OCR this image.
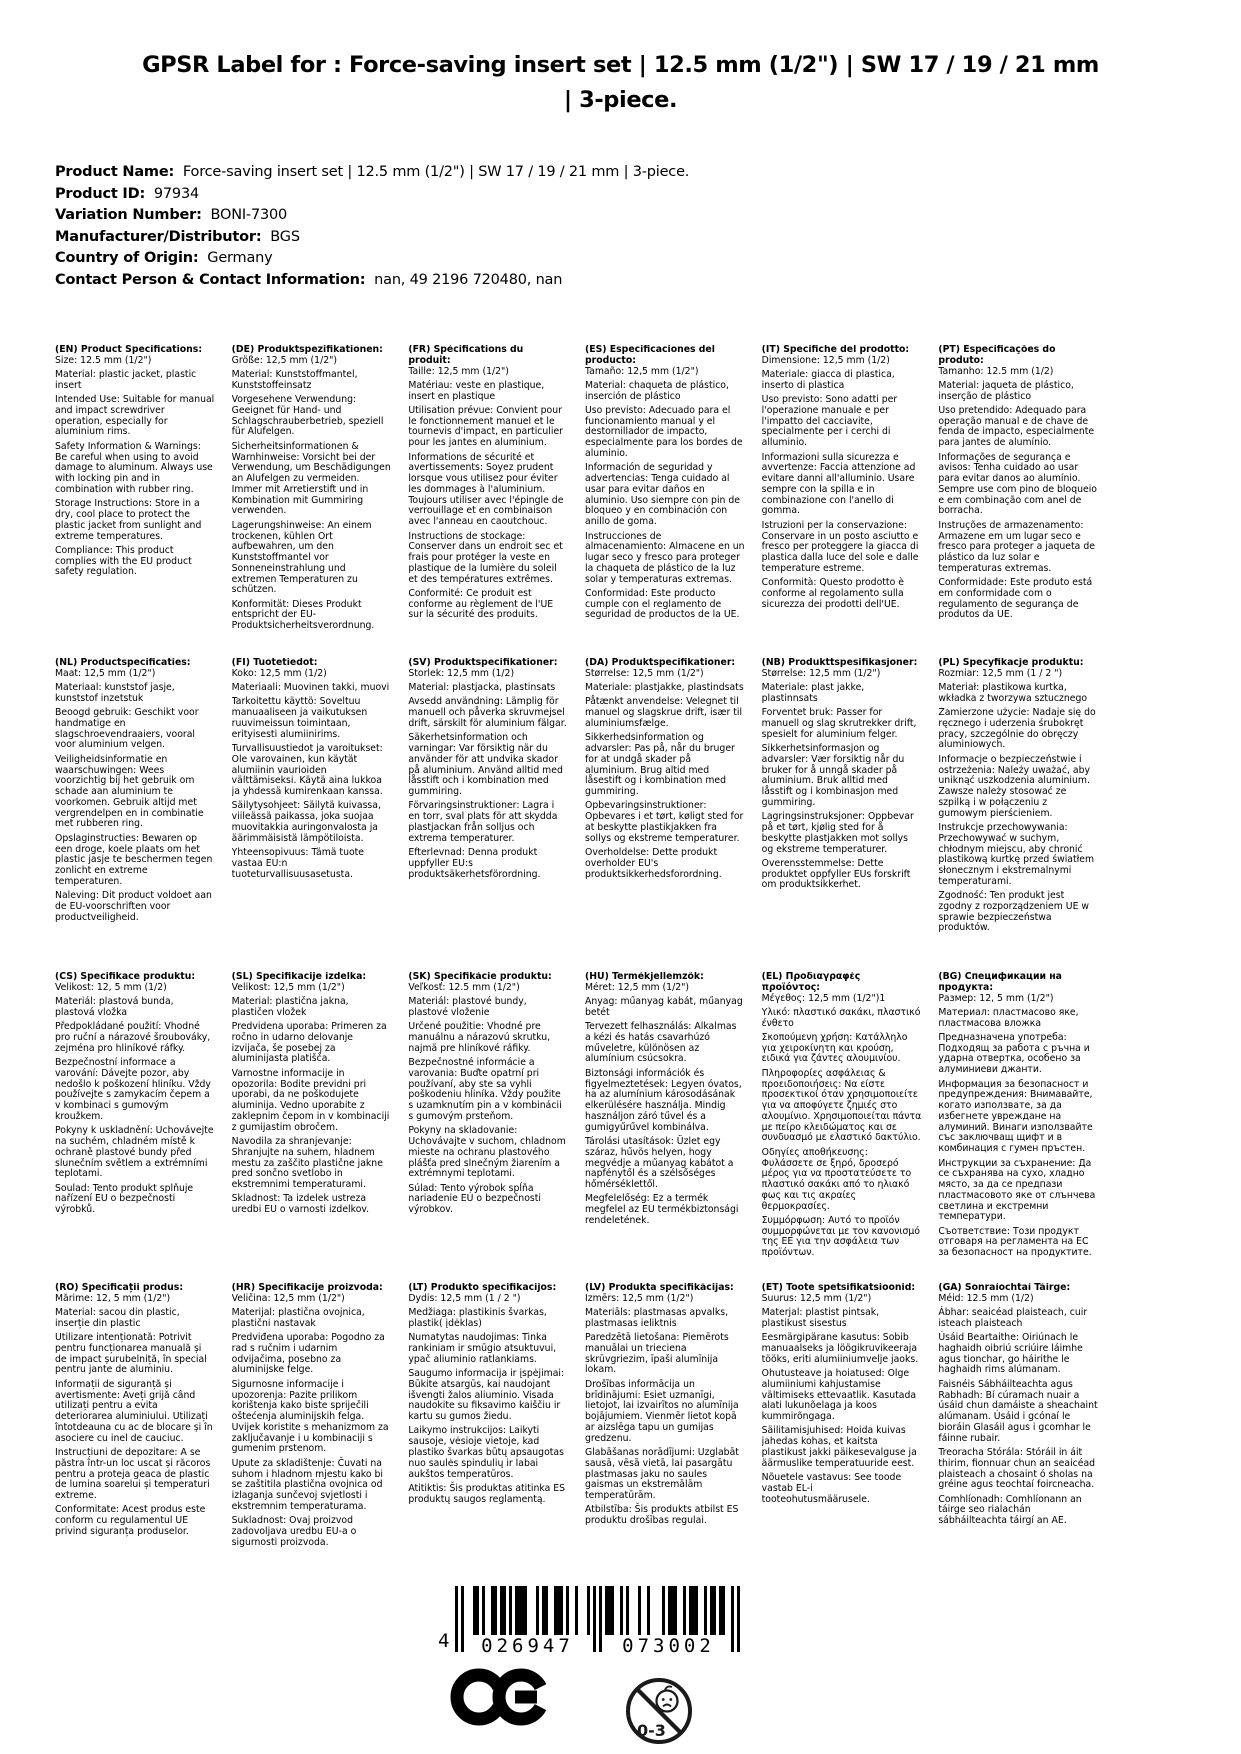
GPSR Label for : Force-saving insert set | 12.5 mm (1/2") | SW 17 / 19 / 21 mm | 3-piece.
Product Name:  Force-saving insert set | 12.5 mm (1/2") | SW 17 / 19 / 21 mm | 3-piece.
Product ID:  97934
Variation Number:  BONI-7300
Manufacturer/Distributor:  BGS
Country of Origin:  Germany
Contact Person & Contact Information:  nan, 49 2196 720480, nan
(EN) Product Specifications:

Size: 12.5 mm (1/2")

Material: plastic jacket, plastic insert

Intended Use: Suitable for manual and impact screwdriver operation, especially for aluminium rims.

Safety Information & Warnings: Be careful when using to avoid damage to aluminum. Always use with locking pin and in combination with rubber ring.

Storage Instructions: Store in a dry, cool place to protect the plastic jacket from sunlight and extreme temperatures.

Compliance: This product complies with the EU product safety regulation.

(DE) Produktspezifikationen:

Größe: 12,5 mm (1/2")

Material: Kunststoffmantel, Kunststoffeinsatz

Vorgesehene Verwendung: Geeignet für Hand- und Schlagschrauberbetrieb, speziell für Alufelgen.

Sicherheitsinformationen & Warnhinweise: Vorsicht bei der Verwendung, um Beschädigungen an Alufelgen zu vermeiden. Immer mit Arretierstift und in Kombination mit Gummiring verwenden.

Lagerungshinweise: An einem trockenen, kühlen Ort aufbewahren, um den Kunststoffmantel vor Sonneneinstrahlung und extremen Temperaturen zu schützen.

Konformität: Dieses Produkt entspricht der EU-Produktsicherheitsverordnung.

(FR) Spécifications du produit:

Taille: 12,5 mm (1/2")

Matériau: veste en plastique, insert en plastique

Utilisation prévue: Convient pour le fonctionnement manuel et le tournevis d'impact, en particulier pour les jantes en aluminium.

Informations de sécurité et avertissements: Soyez prudent lorsque vous utilisez pour éviter les dommages à l'aluminium. Toujours utiliser avec l'épingle de verrouillage et en combinaison avec l'anneau en caoutchouc.

Instructions de stockage: Conserver dans un endroit sec et frais pour protéger la veste en plastique de la lumière du soleil et des températures extrêmes.

Conformité: Ce produit est conforme au règlement de l'UE sur la sécurité des produits.

(ES) Especificaciones del producto:

Tamaño: 12,5 mm (1/2")

Material: chaqueta de plástico, inserción de plástico

Uso previsto: Adecuado para el funcionamiento manual y el destornillador de impacto, especialmente para los bordes de aluminio.

Información de seguridad y advertencias: Tenga cuidado al usar para evitar daños en aluminio. Uso siempre con pin de bloqueo y en combinación con anillo de goma.

Instrucciones de almacenamiento: Almacene en un lugar seco y fresco para proteger la chaqueta de plástico de la luz solar y temperaturas extremas.

Conformidad: Este producto cumple con el reglamento de seguridad de productos de la UE.

(IT) Specifiche del prodotto:

Dimensione: 12,5 mm (1/2)

Materiale: giacca di plastica, inserto di plastica

Uso previsto: Sono adatti per l'operazione manuale e per l'impatto del cacciavite, specialmente per i cerchi di alluminio.

Informazioni sulla sicurezza e avvertenze: Faccia attenzione ad evitare danni all'alluminio. Usare sempre con la spilla e in combinazione con l'anello di gomma.

Istruzioni per la conservazione: Conservare in un posto asciutto e fresco per proteggere la giacca di plastica dalla luce del sole e dalle temperature estreme.

Conformità: Questo prodotto è conforme al regolamento sulla sicurezza dei prodotti dell'UE.

(PT) Especificações do produto:

Tamanho: 12.5 mm (1/2)

Material: jaqueta de plástico, inserção de plástico

Uso pretendido: Adequado para operação manual e de chave de fenda de impacto, especialmente para jantes de alumínio.

Informações de segurança e avisos: Tenha cuidado ao usar para evitar danos ao alumínio. Sempre use com pino de bloqueio e em combinação com anel de borracha.

Instruções de armazenamento: Armazene em um lugar seco e fresco para proteger a jaqueta de plástico da luz solar e temperaturas extremas.

Conformidade: Este produto está em conformidade com o regulamento de segurança de produtos da UE.

(NL) Productspecificaties:

Maat: 12,5 mm (1/2")

Materiaal: kunststof jasje, kunststof inzetstuk

Beoogd gebruik: Geschikt voor handmatige en slagschroevendraaiers, vooral voor aluminium velgen.

Veiligheidsinformatie en waarschuwingen: Wees voorzichtig bij het gebruik om schade aan aluminium te voorkomen. Gebruik altijd met vergrendelpen en in combinatie met rubberen ring.

Opslaginstructies: Bewaren op een droge, koele plaats om het plastic jasje te beschermen tegen zonlicht en extreme temperaturen.

Naleving: Dit product voldoet aan de EU-voorschriften voor productveiligheid.

(FI) Tuotetiedot:

Koko: 12,5 mm (1/2)

Materiaali: Muovinen takki, muovi

Tarkoitettu käyttö: Soveltuu manuaaliseen ja vaikutuksen ruuvimeissun toimintaan, erityisesti alumiinirims.

Turvallisuustiedot ja varoitukset: Ole varovainen, kun käytät alumiinin vaurioiden välttämiseksi. Käytä aina lukkoa ja yhdessä kumirenkaan kanssa.

Säilytysohjeet: Säilytä kuivassa, viileässä paikassa, joka suojaa muovitakkia auringonvalosta ja äärimmäisistä lämpötiloista.

Yhteensopivuus: Tämä tuote vastaa EU:n tuoteturvallisuusasetusta.

(SV) Produktspecifikationer:

Storlek: 12,5 mm (1/2)

Material: plastjacka, plastinsats

Avsedd användning: Lämplig för manuell och påverka skruvmejsel drift, särskilt för aluminium fälgar.

Säkerhetsinformation och varningar: Var försiktig när du använder för att undvika skador på aluminium. Använd alltid med låsstift och i kombination med gummiring.

Förvaringsinstruktioner: Lagra i en torr, sval plats för att skydda plastjackan från solljus och extrema temperaturer.

Efterlevnad: Denna produkt uppfyller EU:s produktsäkerhetsförordning.

(DA) Produktspecifikationer:

Størrelse: 12,5 mm (1/2")

Materiale: plastjakke, plastindsats

Påtænkt anvendelse: Velegnet til manuel og slagskrue drift, især til aluminiumsfælge.

Sikkerhedsinformation og advarsler: Pas på, når du bruger for at undgå skader på aluminium. Brug altid med låsestift og i kombination med gummiring.

Opbevaringsinstruktioner: Opbevares i et tørt, køligt sted for at beskytte plastikjakken fra sollys og ekstreme temperaturer.

Overholdelse: Dette produkt overholder EU's produktsikkerhedsforordning.

(NB) Produkttspesifikasjoner:

Størrelse: 12,5 mm (1/2")

Materiale: plast jakke, plastinnsats

Forventet bruk: Passer for manuell og slag skrutrekker drift, spesielt for aluminium felger.

Sikkerhetsinformasjon og advarsler: Vær forsiktig når du bruker for å unngå skader på aluminium. Bruk alltid med låsstift og i kombinasjon med gummiring.

Lagringsinstruksjoner: Oppbevar på et tørt, kjølig sted for å beskytte plastjakken mot sollys og ekstreme temperaturer.

Overensstemmelse: Dette produktet oppfyller EUs forskrift om produktsikkerhet.

(PL) Specyfikacje produktu:

Rozmiar: 12,5 mm (1 / 2 ")

Materiał: plastikowa kurtka, wkładka z tworzywa sztucznego

Zamierzone użycie: Nadaje się do ręcznego i uderzenia śrubokręt pracy, szczególnie do obręczy aluminiowych.

Informacje o bezpieczeństwie i ostrzeżenia: Należy uważać, aby uniknąć uszkodzenia aluminium. Zawsze należy stosować ze szpilką i w połączeniu z gumowym pierścieniem.

Instrukcje przechowywania: Przechowywać w suchym, chłodnym miejscu, aby chronić plastikową kurtkę przed światłem słonecznym i ekstremalnymi temperaturami.

Zgodność: Ten produkt jest zgodny z rozporządzeniem UE w sprawie bezpieczeństwa produktów.

(CS) Specifikace produktu:

Velikost: 12, 5 mm (1/2)

Materiál: plastová bunda, plastová vložka

Předpokládané použití: Vhodné pro ruční a nárazové šroubováky, zejména pro hliníkové ráfky.

Bezpečnostní informace a varování: Dávejte pozor, aby nedošlo k poškození hliníku. Vždy používejte s zamykacím čepem a v kombinaci s gumovým kroužkem.

Pokyny k uskladnění: Uchovávejte na suchém, chladném místě k ochraně plastové bundy před slunečním světlem a extrémními teplotami.

Soulad: Tento produkt splňuje nařízení EU o bezpečnosti výrobků.

(SL) Specifikacije izdelka:

Velikost: 12,5 mm (1/2")

Material: plastična jakna, plastičen vložek

Predvidena uporaba: Primeren za ročno in udarno delovanje izvijača, še posebej za aluminijasta platišča.

Varnostne informacije in opozorila: Bodite previdni pri uporabi, da ne poškodujete aluminija. Vedno uporabite z zaklepnim čepom in v kombinaciji z gumijastim obročem.

Navodila za shranjevanje: Shranjujte na suhem, hladnem mestu za zaščito plastične jakne pred sončno svetlobo in ekstremnimi temperaturami.

Skladnost: Ta izdelek ustreza uredbi EU o varnosti izdelkov.

(SK) Špecifikácie produktu:

Veľkosť: 12.5 mm (1/2")

Materiál: plastové bundy, plastové vloženie

Určené použitie: Vhodné pre manuálnu a nárazovú skrutku, najmä pre hliníkové ráfiky.

Bezpečnostné informácie a varovania: Buďte opatrní pri používaní, aby ste sa vyhli poškodeniu hliníka. Vždy použite s uzamknutím pin a v kombinácii s gumovým prsteňom.

Pokyny na skladovanie: Uchovávajte v suchom, chladnom mieste na ochranu plastového plášťa pred slnečným žiarením a extrémnymi teplotami.

Súlad: Tento výrobok spĺňa nariadenie EÚ o bezpečnosti výrobkov.

(HU) Termékjellemzők:

Méret: 12,5 mm (1/2")

Anyag: műanyag kabát, műanyag betét

Tervezett felhasználás: Alkalmas a kézi és hatás csavarhúzó műveletre, különösen az alumínium csúcsokra.

Biztonsági információk és figyelmeztetések: Legyen óvatos, ha az alumínium károsodásának elkerülésére használja. Mindig használjon záró tűvel és a gumigyűrűvel kombinálva.

Tárolási utasítások: Üzlet egy száraz, hűvös helyen, hogy megvédje a műanyag kabátot a napfénytől és a szélsőséges hőmérséklettől.

Megfelelőség: Ez a termék megfelel az EU termékbiztonsági rendeletének.

(EL) Προδιαγραφές προϊόντος:

Μέγεθος: 12,5 mm (1/2")1

Υλικό: πλαστικό σακάκι, πλαστικό ένθετο

Σκοπούμενη χρήση: Κατάλληλο για χειροκίνητη και κρούση, ειδικά για ζάντες αλουμινίου.

Πληροφορίες ασφάλειας & προειδοποιήσεις: Να είστε προσεκτικοί όταν χρησιμοποιείτε για να αποφύγετε ζημιές στο αλουμίνιο. Χρησιμοποιείται πάντα με πείρο κλειδώματος και σε συνδυασμό με ελαστικό δακτύλιο.

Οδηγίες αποθήκευσης: Φυλάσσετε σε ξηρό, δροσερό μέρος για να προστατεύσετε το πλαστικό σακάκι από το ηλιακό φως και τις ακραίες θερμοκρασίες.

Συμμόρφωση: Αυτό το προϊόν συμμορφώνεται με τον κανονισμό της ΕΕ για την ασφάλεια των προϊόντων.

(BG) Спецификации на продукта:

Размер: 12, 5 mm (1/2")

Материал: пластмасово яке, пластмасова вложка

Предназначена употреба: Подходящ за работа с ръчна и ударна отвертка, особено за алуминиеви джанти.

Информация за безопасност и предупреждения: Внимавайте, когато използвате, за да избегнете увреждане на алуминий. Винаги използвайте със заключващ щифт и в комбинация с гумен пръстен.

Инструкции за съхранение: Да се съхранява на сухо, хладно място, за да се предпази пластмасовото яке от слънчева светлина и екстремни температури.

Съответствие: Този продукт отговаря на регламента на ЕС за безопасност на продуктите.

(RO) Specificații produs:

Mărime: 12, 5 mm (1/2")

Material: sacou din plastic, inserție din plastic

Utilizare intenționată: Potrivit pentru funcționarea manuală și de impact șurubelniță, în special pentru jante de aluminiu.

Informații de siguranță și avertismente: Aveți grijă când utilizați pentru a evita deteriorarea aluminiului. Utilizați întotdeauna cu ac de blocare și în asociere cu inel de cauciuc.

Instrucțiuni de depozitare: A se păstra într-un loc uscat și răcoros pentru a proteja geaca de plastic de lumina soarelui și temperaturi extreme.

Conformitate: Acest produs este conform cu regulamentul UE privind siguranța produselor.

(HR) Specifikacije proizvoda:

Veličina: 12,5 mm (1/2")

Materijal: plastična ovojnica, plastični nastavak

Predviđena uporaba: Pogodno za rad s ručnim i udarnim odvijačima, posebno za aluminijske felge.

Sigurnosne informacije i upozorenja: Pazite prilikom korištenja kako biste spriječili oštećenja aluminijskih felga. Uvijek koristite s mehanizmom za zaključavanje i u kombinaciji s gumenim prstenom.

Upute za skladištenje: Čuvati na suhom i hladnom mjestu kako bi se zaštitila plastična ovojnica od izlaganja sunčevoj svjetlosti i ekstremnim temperaturama.

Sukladnost: Ovaj proizvod zadovoljava uredbu EU-a o sigurnosti proizvoda.

(LT) Produkto specifikacijos:

Dydis: 12,5 mm (1 / 2 ")

Medžiaga: plastikinis švarkas, plastik( įdėklas)

Numatytas naudojimas: Tinka rankiniam ir smūgio atsuktuvui, ypač aliuminio ratlankiams.

Saugumo informacija ir įspėjimai: Būkite atsargūs, kai naudojant išvengti žalos aliuminio. Visada naudokite su fiksavimo kaiščiu ir kartu su gumos žiedu.

Laikymo instrukcijos: Laikyti sausoje, vėsioje vietoje, kad plastiko švarkas būtų apsaugotas nuo saulės spindulių ir labai aukštos temperatūros.

Atitiktis: Šis produktas atitinka ES produktų saugos reglamentą.

(LV) Produkta specifikācijas:

Izmērs: 12,5 mm (1/2")

Materiāls: plastmasas apvalks, plastmasas ieliktnis

Paredzētā lietošana: Piemērots manuālai un trieciena skrūvgriezim, īpaši alumīnija lokam.

Drošības informācija un brīdinājumi: Esiet uzmanīgi, lietojot, lai izvairītos no alumīnija bojājumiem. Vienmēr lietot kopā ar aizslēga tapu un gumijas gredzenu.

Glabāšanas norādījumi: Uzglabāt sausā, vēsā vietā, lai pasargātu plastmasas jaku no saules gaismas un ekstremālām temperatūrām.

Atbilstība: Šis produkts atbilst ES produktu drošības regulai.

(ET) Toote spetsifikatsioonid:

Suurus: 12,5 mm (1/2")

Materjal: plastist pintsak, plastikust sisestus

Eesmärgipärane kasutus: Sobib manuaalseks ja löögikruvikeeraja tööks, eriti alumiiniumvelje jaoks.

Ohutusteave ja hoiatused: Olge alumiiniumi kahjustamise vältimiseks ettevaatlik. Kasutada alati lukunõelaga ja koos kummirõngaga.

Säilitamisjuhised: Hoida kuivas jahedas kohas, et kaitsta plastikust jakki päikesevalguse ja äärmuslike temperatuuride eest.

Nõuetele vastavus: See toode vastab EL-i tooteohutusmäärusele.

(GA) Sonraíochtaí Táirge:

Méid: 12.5 mm (1/2)

Ábhar: seaicéad plaisteach, cuir isteach plaisteach

Úsáid Beartaithe: Oiriúnach le haghaidh oibriú scriúire láimhe agus tionchar, go háirithe le haghaidh rims alúmanam.

Faisnéis Sábháilteachta agus Rabhadh: Bí cúramach nuair a úsáid chun damáiste a sheachaint alúmanam. Úsáid i gcónaí le bioráin Glasáil agus i gcomhar le fáinne rubair.

Treoracha Stórála: Stóráil in áit thirim, fionnuar chun an seaicéad plaisteach a chosaint ó sholas na gréine agus teochtaí foircneacha.

Comhlíonadh: Comhlíonann an táirge seo rialachán sábháilteachta táirgí an AE.

4	026947	073002
0-3
